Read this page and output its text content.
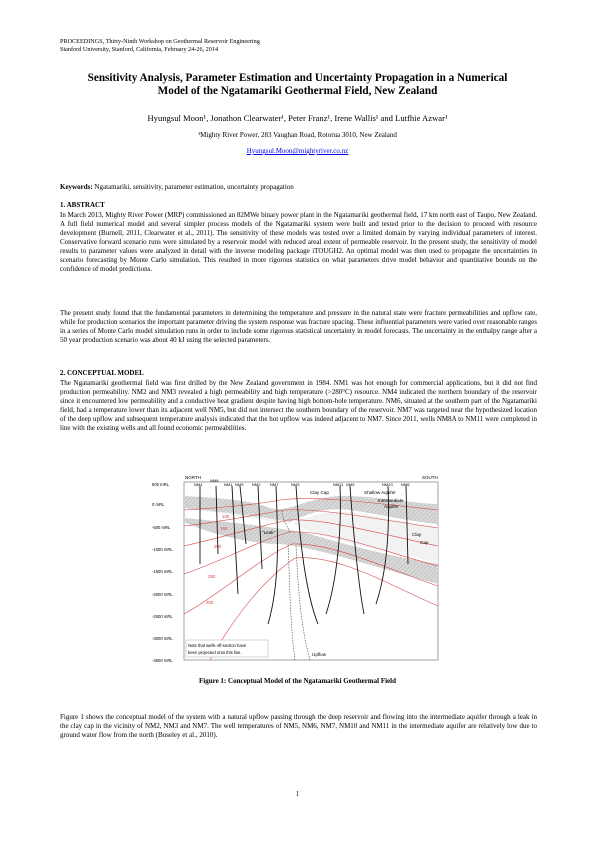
PROCEEDINGS, Thirty-Ninth Workshop on Geothermal Reservoir Engineering
Stanford University, Stanford, California, February 24-26, 2014
Sensitivity Analysis, Parameter Estimation and Uncertainty Propagation in a Numerical
Model of the Ngatamariki Geothermal Field, New Zealand
Hyungsul Moon¹, Jonathon Clearwater¹, Peter Franz¹, Irene Wallis¹ and Lutfhie Azwar¹
¹Mighty River Power, 283 Vaughan Road, Rotorua 3010, New Zealand
Hyungsul.Moon@mightyriver.co.nz
Keywords: Ngatamariki, sensitivity, parameter estimation, uncertainty propagation
1. ABSTRACT
In March 2013, Mighty River Power (MRP) commissioned an 82MWe binary power plant in the Ngatamariki geothermal field, 17 km north east of Taupo, New Zealand. A full field numerical model and several simpler process models of the Ngatamariki system were built and tested prior to the decision to proceed with resource development (Burnell, 2011, Clearwater et al., 2011). The sensitivity of these models was tested over a limited domain by varying individual parameters of interest. Conservative forward scenario runs were simulated by a reservoir model with reduced areal extent of permeable reservoir. In the present study, the sensitivity of model results to parameter values were analyzed in detail with the inverse modeling package iTOUGH2. An optimal model was then used to propagate the uncertainties in scenario forecasting by Monte Carlo simulation. This resulted in more rigorous statistics on what parameters drive model behavior and quantitative bounds on the confidence of model predictions.
The present study found that the fundamental parameters in determining the temperature and pressure in the natural state were fracture permeabilities and upflow rate, while for production scenarios the important parameter driving the system response was fracture spacing. These influential parameters were varied over reasonable ranges in a series of Monte Carlo model simulation runs in order to include some rigorous statistical uncertainty in model forecasts. The uncertainty in the enthalpy range after a 50 year production scenario was about 40 kJ using the selected parameters.
2. CONCEPTUAL MODEL
The Ngatamariki geothermal field was first drilled by the New Zealand government in 1984. NM1 was hot enough for commercial applications, but it did not find production permeability. NM2 and NM3 revealed a high permeability and high temperature (>280°C) resource. NM4 indicated the northern boundary of the reservoir since it encountered low permeability and a conductive heat gradient despite having high bottom-hole temperature. NM6, situated at the southern part of the Ngatamariki field, had a temperature lower than its adjacent well NM5, but did not intersect the southern boundary of the reservoir. NM7 was targeted near the hypothesized location of the deep upflow and subsequent temperature analysis indicated that the hot upflow was indeed adjacent to NM7. Since 2011, wells NM8A to NM11 were completed in line with the existing wells and all found economic permeabilities.
NORTH	SOUTH
500 mRL
0 mRL
-500 mRL
-1000 mRL
-1500 mRL
-2000 mRL
-2500 mRL
-3000 mRL
-3500 mRL
100
150
200
250
300
NM4
NM8
NM1 NM9 NM2 NM7	NM3	NM11 NM5	NM10 NM6
Clay Cap	Shallow Aquifer
Intermediate
Aquifer
Clay
Cap
"Leak"
Upflow
Note that wells off-section have
been projected onto this line.
Figure 1: Conceptual Model of the Ngatamariki Geothermal Field
Figure 1 shows the conceptual model of the system with a natural upflow passing through the deep reservoir and flowing into the intermediate aquifer through a leak in the clay cap in the vicinity of NM2, NM3 and NM7. The well temperatures of NM5, NM6, NM7, NM10 and NM11 in the intermediate aquifer are relatively low due to ground water flow from the north (Boseley et al., 2010).
1
